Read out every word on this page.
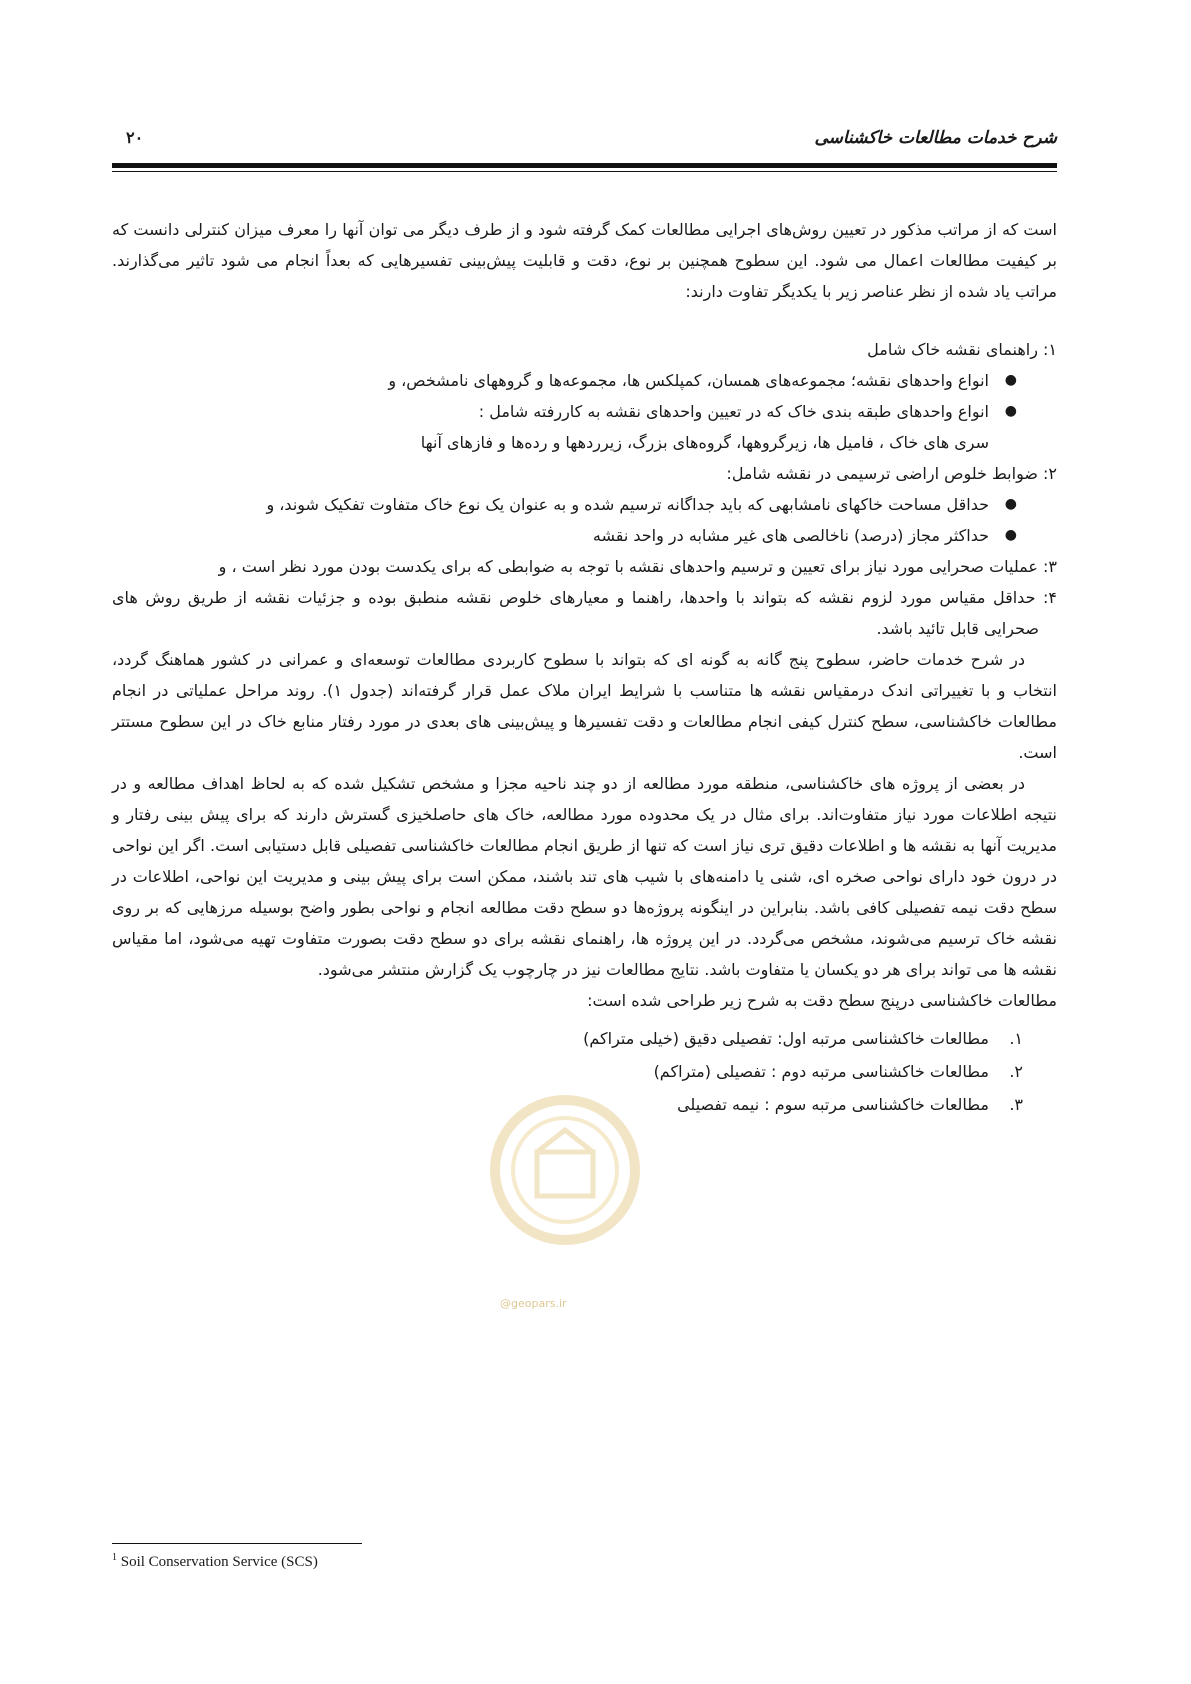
شرح خدمات مطالعات خاکشناسی
۲۰
@geopars.ir

است که از مراتب مذکور در تعیین روش‌های اجرایی مطالعات کمک گرفته شود و از طرف دیگر می توان آنها را معرف میزان کنترلی دانست که بر کیفیت مطالعات اعمال می شود. این سطوح همچنین بر نوع، دقت و قابلیت پیش‌بینی تفسیرهایی که بعداً انجام می شود تاثیر می‌گذارند. مراتب یاد شده از نظر عناصر زیر با یکدیگر تفاوت دارند:

۱: راهنمای نقشه خاک شامل

●
انواع واحدهای نقشه؛ مجموعه‌های همسان، کمپلکس ها، مجموعه‌ها و گروههای نامشخص، و
●
انواع واحدهای طبقه بندی خاک که در تعیین واحدهای نقشه به کاررفته شامل :

سری های خاک ، فامیل ها، زیرگروهها، گروه‌های بزرگ، زیرردهها و رده‌ها و فازهای آنها

۲: ضوابط خلوص اراضی ترسیمی در نقشه شامل:

●
حداقل مساحت خاکهای نامشابهی که باید جداگانه ترسیم شده و به عنوان یک نوع خاک متفاوت تفکیک شوند، و
●
حداکثر مجاز (درصد) ناخالصی های غیر مشابه در واحد نقشه

۳: عملیات صحرایی مورد نیاز برای تعیین و ترسیم واحدهای نقشه با توجه به ضوابطی که برای یکدست بودن مورد نظر است ، و

۴: حداقل مقیاس مورد لزوم نقشه که بتواند با واحدها، راهنما و معیارهای خلوص نقشه منطبق بوده و جزئیات نقشه از طریق روش های صحرایی قابل تائید باشد.

در شرح خدمات حاضر، سطوح پنج گانه به گونه ای که بتواند با سطوح کاربردی مطالعات توسعه‌ای و عمرانی در کشور هماهنگ گردد، انتخاب و با تغییراتی اندک درمقیاس نقشه ها متناسب با شرایط ایران ملاک عمل قرار گرفته‌اند (جدول ۱). روند مراحل عملیاتی در انجام مطالعات خاکشناسی، سطح کنترل کیفی انجام مطالعات و دقت تفسیرها و پیش‌بینی های بعدی در مورد رفتار منابع خاک در این سطوح مستتر است.

در بعضی از پروژه های خاکشناسی، منطقه مورد مطالعه از دو چند ناحیه مجزا و مشخص تشکیل شده که به لحاظ اهداف مطالعه و در نتیجه اطلاعات مورد نیاز متفاوت‌اند. برای مثال در یک محدوده مورد مطالعه، خاک های حاصلخیزی گسترش دارند که برای پیش بینی رفتار و مدیریت آنها به نقشه ها و اطلاعات دقیق تری نیاز است که تنها از طریق انجام مطالعات خاکشناسی تفصیلی قابل دستیابی است. اگر این نواحی در درون خود دارای نواحی صخره ای، شنی یا دامنه‌های با شیب های تند باشند، ممکن است برای پیش بینی و مدیریت این نواحی، اطلاعات در سطح دقت نیمه تفصیلی کافی باشد. بنابراین در اینگونه پروژه‌ها دو سطح دقت مطالعه انجام و نواحی بطور واضح بوسیله مرزهایی که بر روی نقشه خاک ترسیم می‌شوند، مشخص می‌گردد. در این پروژه ها، راهنمای نقشه برای دو سطح دقت بصورت متفاوت تهیه می‌شود، اما مقیاس نقشه ها می تواند برای هر دو یکسان یا متفاوت باشد. نتایج مطالعات نیز در چارچوب یک گزارش منتشر می‌شود.

مطالعات خاکشناسی درپنج سطح دقت به شرح زیر طراحی شده است:

۱.
مطالعات خاکشناسی مرتبه اول: تفصیلی دقیق (خیلی متراکم)
۲.
مطالعات خاکشناسی مرتبه دوم : تفصیلی (متراکم)
۳.
مطالعات خاکشناسی مرتبه سوم : نیمه تفصیلی
$^1$ Soil Conservation Service (SCS)
